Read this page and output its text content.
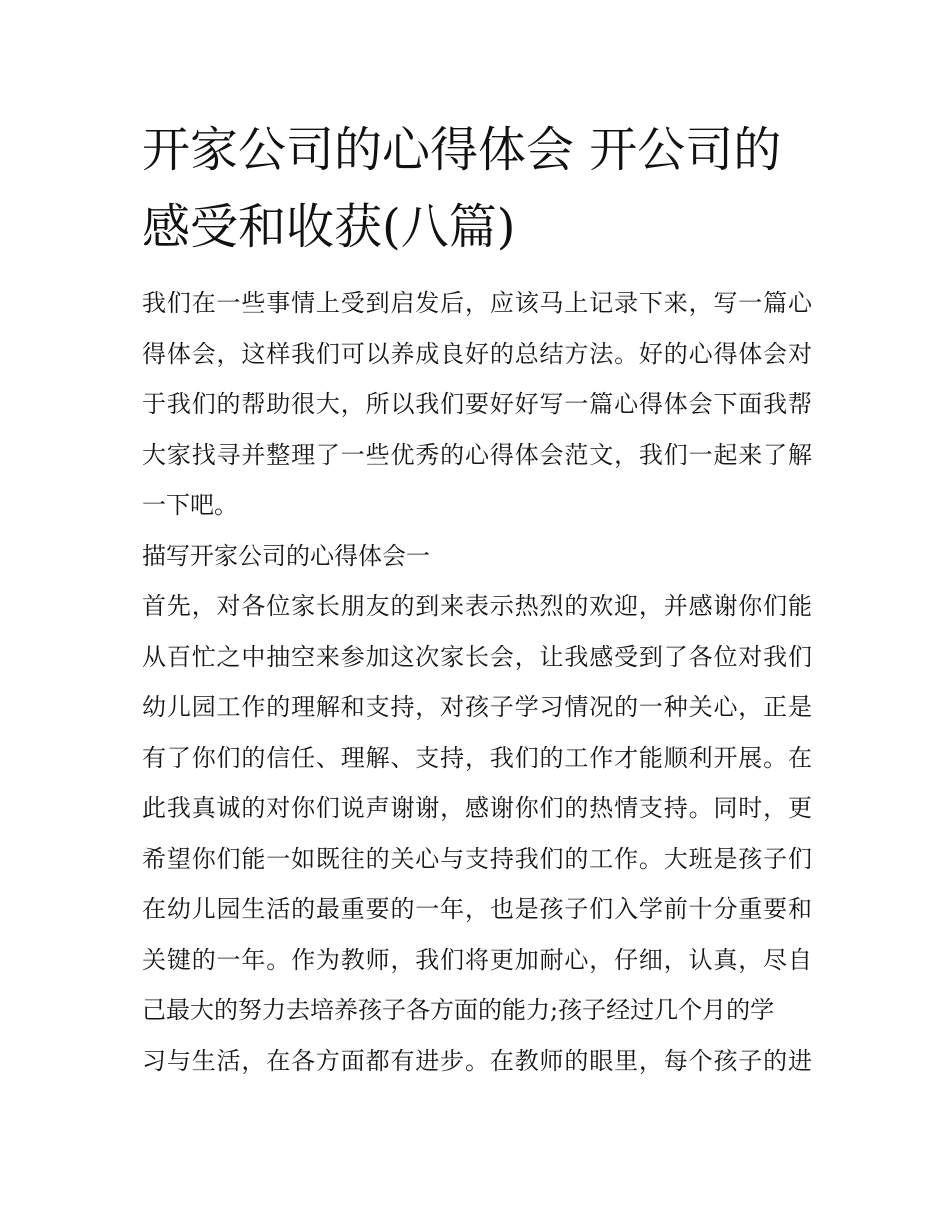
开家公司的心得体会 开公司的
感受和收获(八篇)

我们在一些事情上受到启发后，应该马上记录下来，写一篇心
得体会，这样我们可以养成良好的总结方法。好的心得体会对
于我们的帮助很大，所以我们要好好写一篇心得体会下面我帮
大家找寻并整理了一些优秀的心得体会范文，我们一起来了解
一下吧。

描写开家公司的心得体会一

首先，对各位家长朋友的到来表示热烈的欢迎，并感谢你们能
从百忙之中抽空来参加这次家长会，让我感受到了各位对我们
幼儿园工作的理解和支持，对孩子学习情况的一种关心，正是
有了你们的信任、理解、支持，我们的工作才能顺利开展。在
此我真诚的对你们说声谢谢，感谢你们的热情支持。同时，更
希望你们能一如既往的关心与支持我们的工作。大班是孩子们
在幼儿园生活的最重要的一年，也是孩子们入学前十分重要和
关键的一年。作为教师，我们将更加耐心，仔细，认真，尽自
己最大的努力去培养孩子各方面的能力;孩子经过几个月的学
习与生活，在各方面都有进步。在教师的眼里，每个孩子的进
